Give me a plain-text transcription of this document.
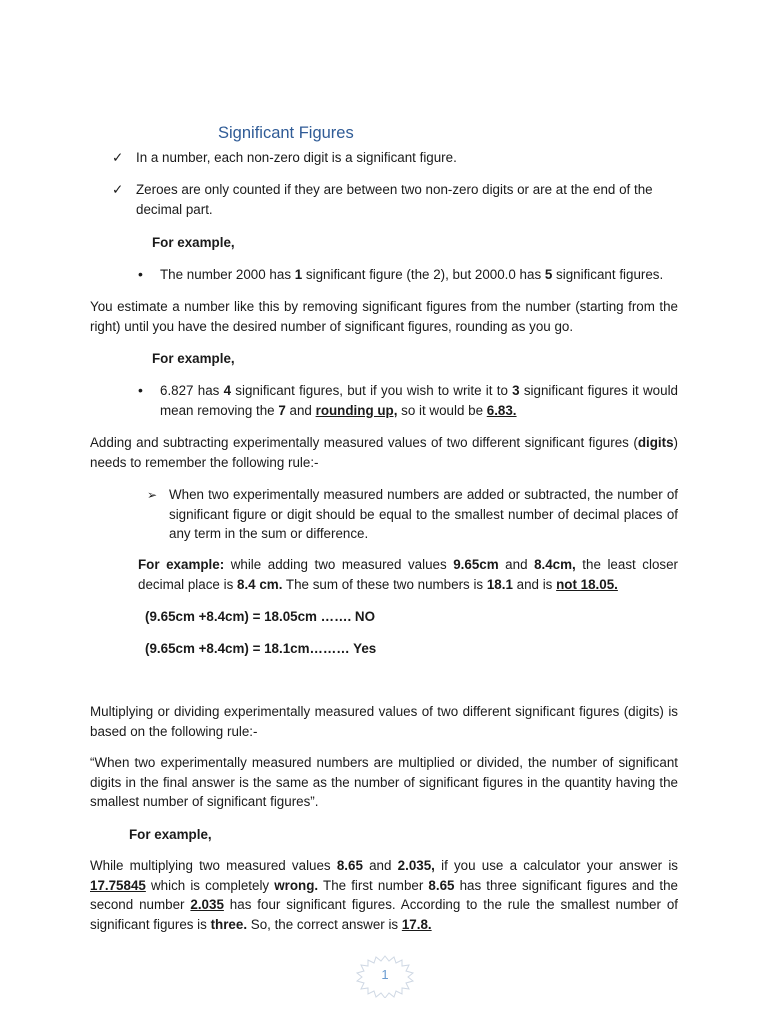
Significant Figures
✓ In a number, each non-zero digit is a significant figure.
✓ Zeroes are only counted if they are between two non-zero digits or are at the end of the decimal part.
For example,
•	The number 2000 has 1 significant figure (the 2), but 2000.0 has 5 significant figures.
You estimate a number like this by removing significant figures from the number (starting from the right) until you have the desired number of significant figures, rounding as you go.
For example,
•	6.827 has 4 significant figures, but if you wish to write it to 3 significant figures it would mean removing the 7 and rounding up, so it would be 6.83.
Adding and subtracting experimentally measured values of two different significant figures (digits) needs to remember the following rule:-
➢ When two experimentally measured numbers are added or subtracted, the number of significant figure or digit should be equal to the smallest number of decimal places of any term in the sum or difference.
For example: while adding two measured values 9.65cm and 8.4cm, the least closer decimal place is 8.4 cm. The sum of these two numbers is 18.1 and is not 18.05.
(9.65cm +8.4cm) = 18.05cm ……. NO
(9.65cm +8.4cm) = 18.1cm……… Yes
Multiplying or dividing experimentally measured values of two different significant figures (digits) is based on the following rule:-
“When two experimentally measured numbers are multiplied or divided, the number of significant digits in the final answer is the same as the number of significant figures in the quantity having the smallest number of significant figures”.
For example,
While multiplying two measured values 8.65 and 2.035, if you use a calculator your answer is 17.75845 which is completely wrong. The first number 8.65 has three significant figures and the second number 2.035 has four significant figures. According to the rule the smallest number of significant figures is three. So, the correct answer is 17.8.
1
